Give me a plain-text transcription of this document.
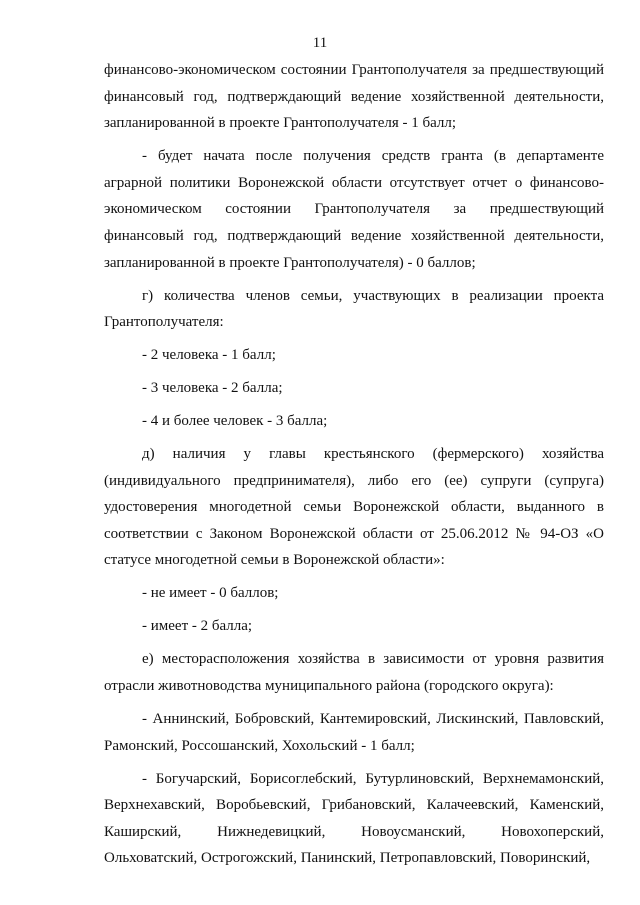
11

финансово-экономическом состоянии Грантополучателя за предшествующий финансовый год, подтверждающий ведение хозяйственной деятельности, запланированной в проекте Грантополучателя - 1 балл;

- будет начата после получения средств гранта (в департаменте аграрной политики Воронежской области отсутствует отчет о финансово-экономическом состоянии Грантополучателя за предшествующий финансовый год, подтверждающий ведение хозяйственной деятельности, запланированной в проекте Грантополучателя) - 0 баллов;

г) количества членов семьи, участвующих в реализации проекта Грантополучателя:

- 2 человека - 1 балл;

- 3 человека - 2 балла;

- 4 и более человек - 3 балла;

д) наличия у главы крестьянского (фермерского) хозяйства (индивидуального предпринимателя), либо его (ее) супруги (супруга) удостоверения многодетной семьи Воронежской области, выданного в соответствии с Законом Воронежской области от 25.06.2012 № 94-ОЗ «О статусе многодетной семьи в Воронежской области»:

- не имеет - 0 баллов;

- имеет - 2 балла;

е) месторасположения хозяйства в зависимости от уровня развития отрасли животноводства муниципального района (городского округа):

- Аннинский, Бобровский, Кантемировский, Лискинский, Павловский, Рамонский, Россошанский, Хохольский - 1 балл;

- Богучарский, Борисоглебский, Бутурлиновский, Верхнемамонский, Верхнехавский, Воробьевский, Грибановский, Калачеевский, Каменский, Каширский, Нижнедевицкий, Новоусманский, Новохоперский, Ольховатский, Острогожский, Панинский, Петропавловский, Поворинский,
